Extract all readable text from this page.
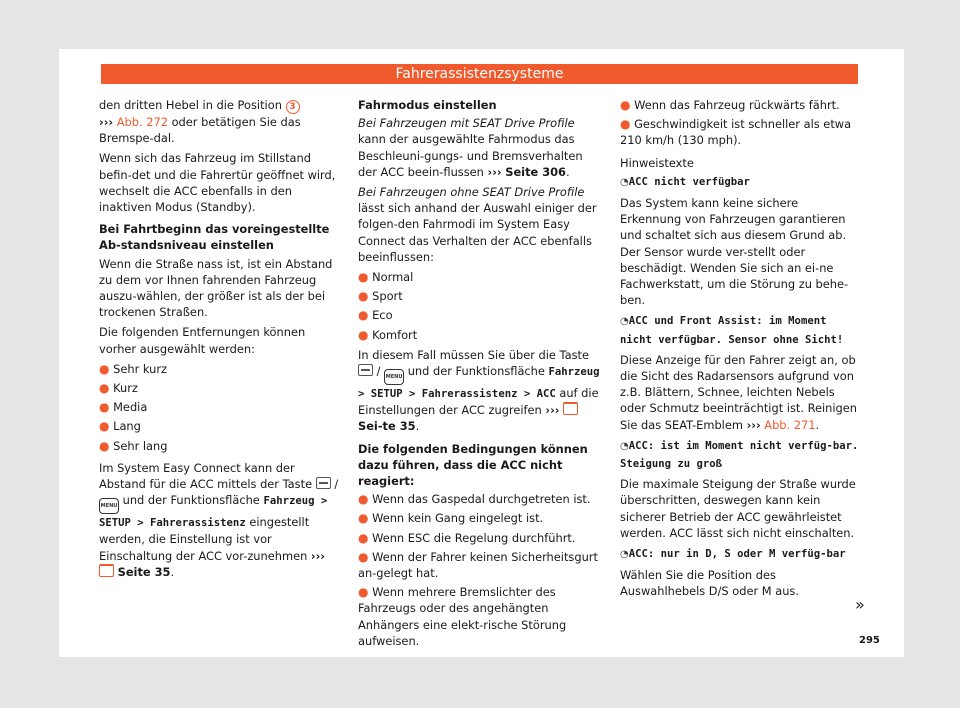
Fahrerassistenzsysteme

den dritten Hebel in die Position 3
››› Abb. 272 oder betätigen Sie das Bremspe-dal.

Wenn sich das Fahrzeug im Stillstand befin-det und die Fahrertür geöffnet wird, wechselt die ACC ebenfalls in den inaktiven Modus (Standby).

Bei Fahrtbeginn das voreingestellte Ab-standsniveau einstellen

Wenn die Straße nass ist, ist ein Abstand zu dem vor Ihnen fahrenden Fahrzeug auszu-wählen, der größer ist als der bei trockenen Straßen.

Die folgenden Entfernungen können vorher ausgewählt werden:

● Sehr kurz
● Kurz
● Media
● Lang
● Sehr lang

Im System Easy Connect kann der Abstand für die ACC mittels der Taste  / MENU und der Funktionsfläche Fahrzeug > SETUP > Fahrerassistenz eingestellt werden, die Einstellung ist vor Einschaltung der ACC vor-zunehmen ›››  Seite 35.

Fahrmodus einstellen

Bei Fahrzeugen mit SEAT Drive Profile kann der ausgewählte Fahrmodus das Beschleuni-gungs- und Bremsverhalten der ACC beein-flussen ››› Seite 306.

Bei Fahrzeugen ohne SEAT Drive Profile lässt sich anhand der Auswahl einiger der folgen-den Fahrmodi im System Easy Connect das Verhalten der ACC ebenfalls beeinflussen:

● Normal
● Sport
● Eco
● Komfort

In diesem Fall müssen Sie über die Taste  / MENU und der Funktionsfläche Fahrzeug > SETUP > Fahrerassistenz > ACC auf die Einstellungen der ACC zugreifen ›››  Sei-te 35.

Die folgenden Bedingungen können dazu führen, dass die ACC nicht reagiert:

● Wenn das Gaspedal durchgetreten ist.
● Wenn kein Gang eingelegt ist.
● Wenn ESC die Regelung durchführt.
● Wenn der Fahrer keinen Sicherheitsgurt an-gelegt hat.
● Wenn mehrere Bremslichter des Fahrzeugs oder des angehängten Anhängers eine elekt-rische Störung aufweisen.
● Wenn das Fahrzeug rückwärts fährt.
● Geschwindigkeit ist schneller als etwa 210 km/h (130 mph).

Hinweistexte

◔ACC nicht verfügbar

Das System kann keine sichere Erkennung von Fahrzeugen garantieren und schaltet sich aus diesem Grund ab. Der Sensor wurde ver-stellt oder beschädigt. Wenden Sie sich an ei-ne Fachwerkstatt, um die Störung zu behe-ben.

◔ACC und Front Assist: im Moment nicht verfügbar. Sensor ohne Sicht!

Diese Anzeige für den Fahrer zeigt an, ob die Sicht des Radarsensors aufgrund von z.B. Blättern, Schnee, leichten Nebels oder Schmutz beeinträchtigt ist. Reinigen Sie das SEAT-Emblem ››› Abb. 271.

◔ACC: ist im Moment nicht verfüg-bar. Steigung zu groß

Die maximale Steigung der Straße wurde überschritten, deswegen kann kein sicherer Betrieb der ACC gewährleistet werden. ACC lässt sich nicht einschalten.

◔ACC: nur in D, S oder M verfüg-bar

Wählen Sie die Position des Auswahlhebels D/S oder M aus.

»
295
